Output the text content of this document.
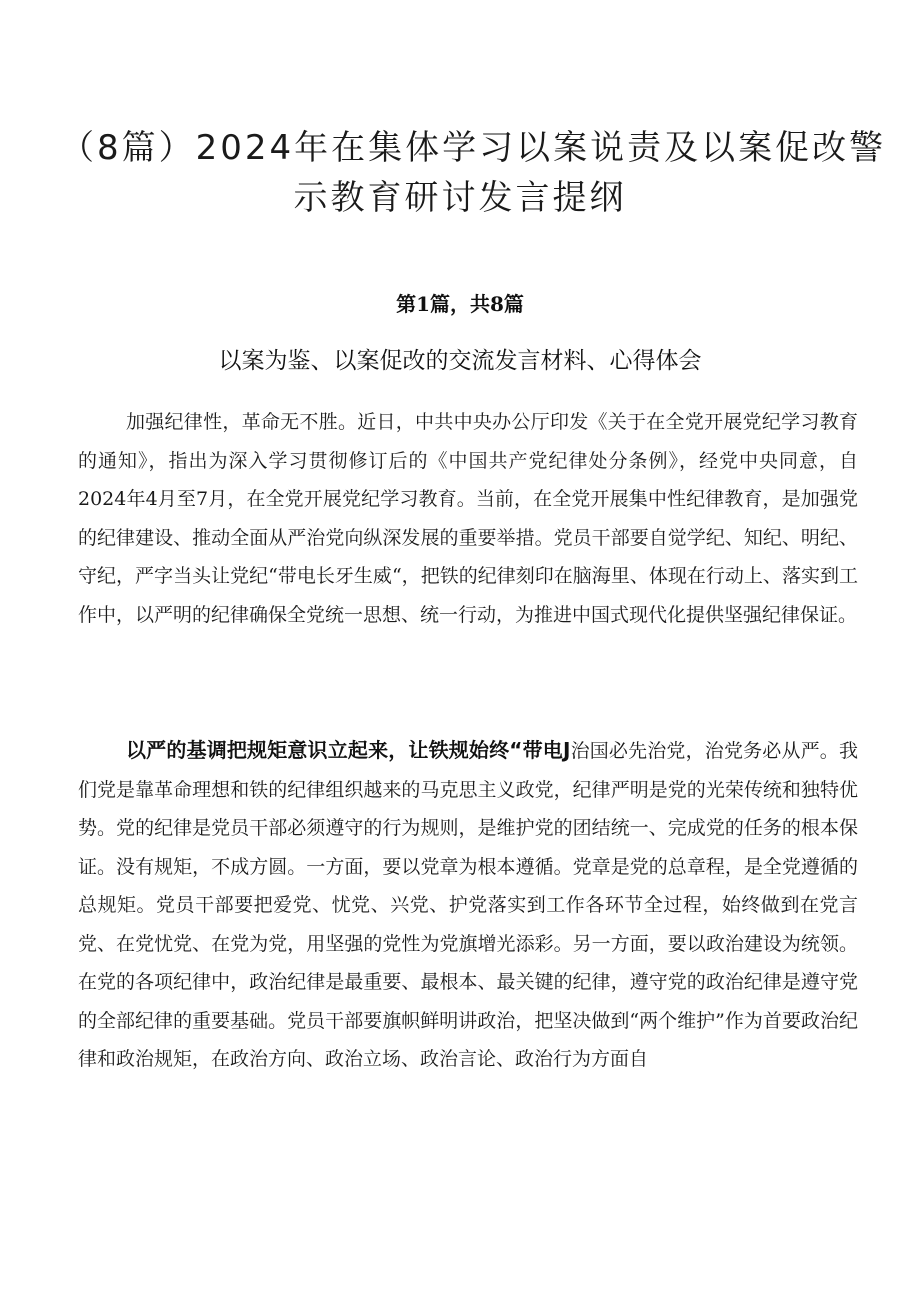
（8篇）2024年在集体学习以案说责及以案促改警
示教育研讨发言提纲
第1篇，共8篇
以案为鉴、以案促改的交流发言材料、心得体会

加强纪律性，革命无不胜。近日，中共中央办公厅印发《关于在全党开展党纪学习教育的通知》，指出为深入学习贯彻修订后的《中国共产党纪律处分条例》，经党中央同意，自2024年4月至7月，在全党开展党纪学习教育。当前，在全党开展集中性纪律教育，是加强党的纪律建设、推动全面从严治党向纵深发展的重要举措。党员干部要自觉学纪、知纪、明纪、守纪，严字当头让党纪“带电长牙生威“，把铁的纪律刻印在脑海里、体现在行动上、落实到工作中，以严明的纪律确保全党统一思想、统一行动，为推进中国式现代化提供坚强纪律保证。

以严的基调把规矩意识立起来，让铁规始终“带电J治国必先治党，治党务必从严。我们党是靠革命理想和铁的纪律组织越来的马克思主义政党，纪律严明是党的光荣传统和独特优势。党的纪律是党员干部必须遵守的行为规则，是维护党的团结统一、完成党的任务的根本保证。没有规矩，不成方圆。一方面，要以党章为根本遵循。党章是党的总章程，是全党遵循的总规矩。党员干部要把爱党、忧党、兴党、护党落实到工作各环节全过程，始终做到在党言党、在党忧党、在党为党，用坚强的党性为党旗增光添彩。另一方面，要以政治建设为统领。在党的各项纪律中，政治纪律是最重要、最根本、最关键的纪律，遵守党的政治纪律是遵守党的全部纪律的重要基础。党员干部要旗帜鲜明讲政治，把坚决做到“两个维护”作为首要政治纪律和政治规矩，在政治方向、政治立场、政治言论、政治行为方面自
